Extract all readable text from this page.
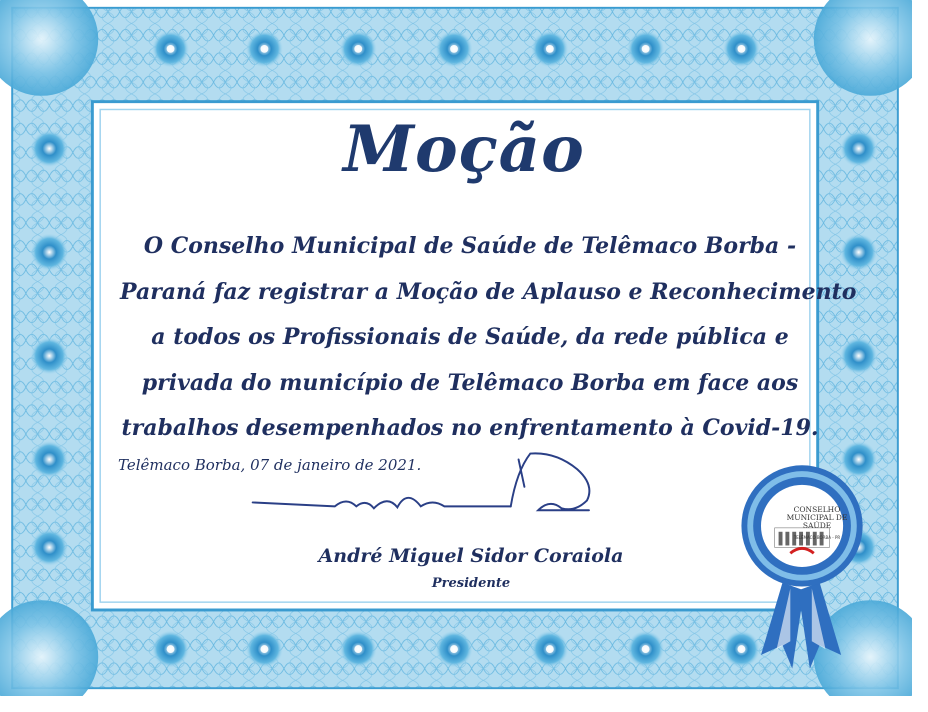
Moção
O Conselho Municipal de Saúde de Telêmaco Borba -
Paraná faz registrar a Moção de Aplauso e Reconhecimento
a todos os Profissionais de Saúde, da rede pública e
privada do município de Telêmaco Borba em face aos
trabalhos desempenhados no enfrentamento à Covid-19.
Telêmaco Borba, 07 de janeiro de 2021.
André Miguel Sidor Coraiola
Presidente
CONSELHO MUNICIPAL DE SAÚDE
TELÊMACO BORBA - PR
